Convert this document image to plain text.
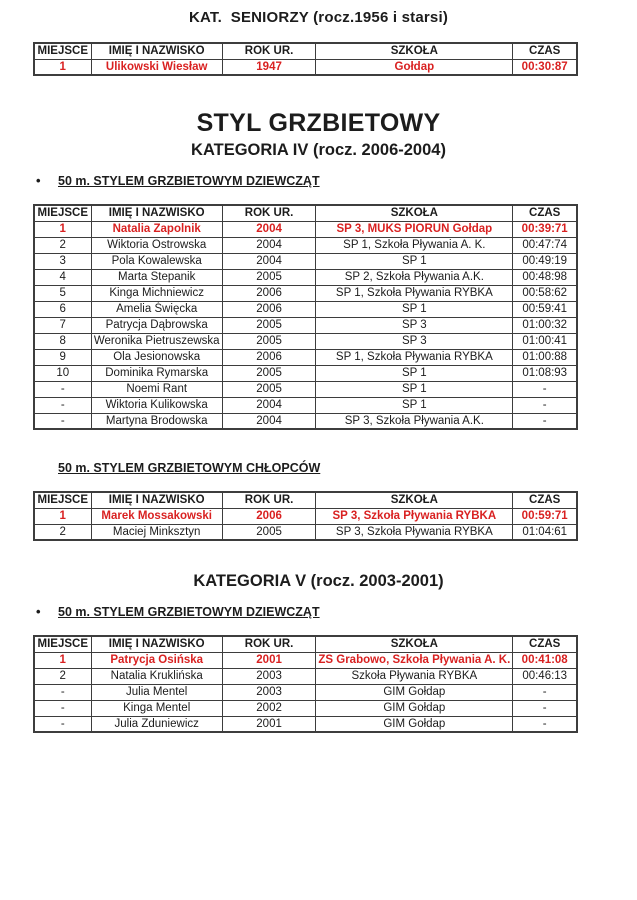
KAT.  SENIORZY (rocz.1956 i starsi)
MIEJSCE	IMIĘ I NAZWISKO	ROK UR.	SZKOŁA	CZAS
1	Ulikowski Wiesław	1947	Gołdap	00:30:87
STYL GRZBIETOWY
KATEGORIA IV (rocz. 2006-2004)
• 50 m. STYLEM GRZBIETOWYM DZIEWCZĄT
MIEJSCE	IMIĘ I NAZWISKO	ROK UR.	SZKOŁA	CZAS
1	Natalia Zapolnik	2004	SP 3, MUKS PIORUN Gołdap	00:39:71
2	Wiktoria Ostrowska	2004	SP 1, Szkoła Pływania A. K.	00:47:74
3	Pola Kowalewska	2004	SP 1	00:49:19
4	Marta Stepanik	2005	SP 2, Szkoła Pływania A.K.	00:48:98
5	Kinga Michniewicz	2006	SP 1, Szkoła Pływania RYBKA	00:58:62
6	Amelia Święcka	2006	SP 1	00:59:41
7	Patrycja Dąbrowska	2005	SP 3	01:00:32
8	Weronika Pietruszewska	2005	SP 3	01:00:41
9	Ola Jesionowska	2006	SP 1, Szkoła Pływania RYBKA	01:00:88
10	Dominika Rymarska	2005	SP 1	01:08:93
-	Noemi Rant	2005	SP 1	-
-	Wiktoria Kulikowska	2004	SP 1	-
-	Martyna Brodowska	2004	SP 3, Szkoła Pływania A.K.	-
50 m. STYLEM GRZBIETOWYM CHŁOPCÓW
MIEJSCE	IMIĘ I NAZWISKO	ROK UR.	SZKOŁA	CZAS
1	Marek Mossakowski	2006	SP 3, Szkoła Pływania RYBKA	00:59:71
2	Maciej Minksztyn	2005	SP 3, Szkoła Pływania RYBKA	01:04:61
KATEGORIA V (rocz. 2003-2001)
• 50 m. STYLEM GRZBIETOWYM DZIEWCZĄT
MIEJSCE	IMIĘ I NAZWISKO	ROK UR.	SZKOŁA	CZAS
1	Patrycja Osińska	2001	ZS Grabowo, Szkoła Pływania A. K.	00:41:08
2	Natalia Kruklińska	2003	Szkoła Pływania RYBKA	00:46:13
-	Julia Mentel	2003	GIM Gołdap	-
-	Kinga Mentel	2002	GIM Gołdap	-
-	Julia Zduniewicz	2001	GIM Gołdap	-
